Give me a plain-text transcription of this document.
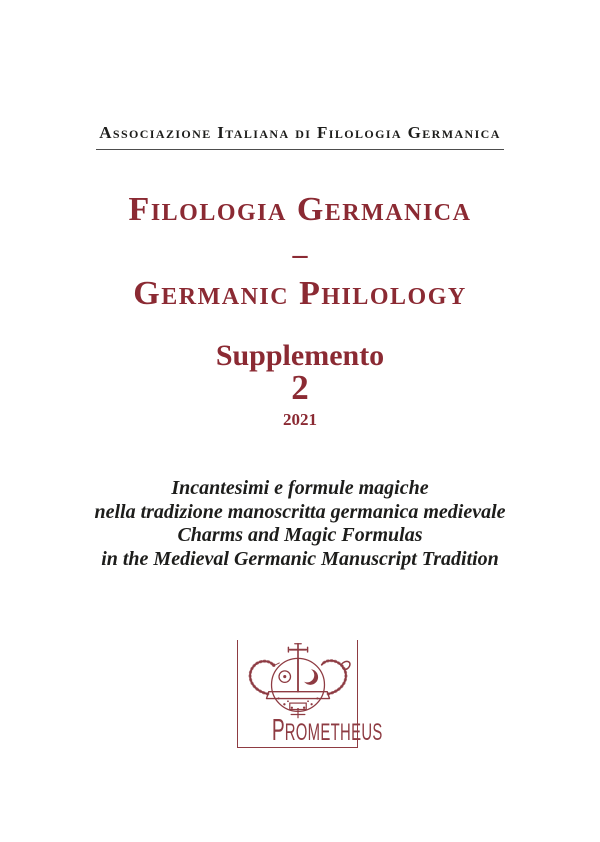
Associazione Italiana di Filologia Germanica
Filologia Germanica
–
Germanic Philology
Supplemento
2
2021
Incantesimi e formule magiche
nella tradizione manoscritta germanica medievale
Charms and Magic Formulas
in the Medieval Germanic Manuscript Tradition
PROMETHEUS
